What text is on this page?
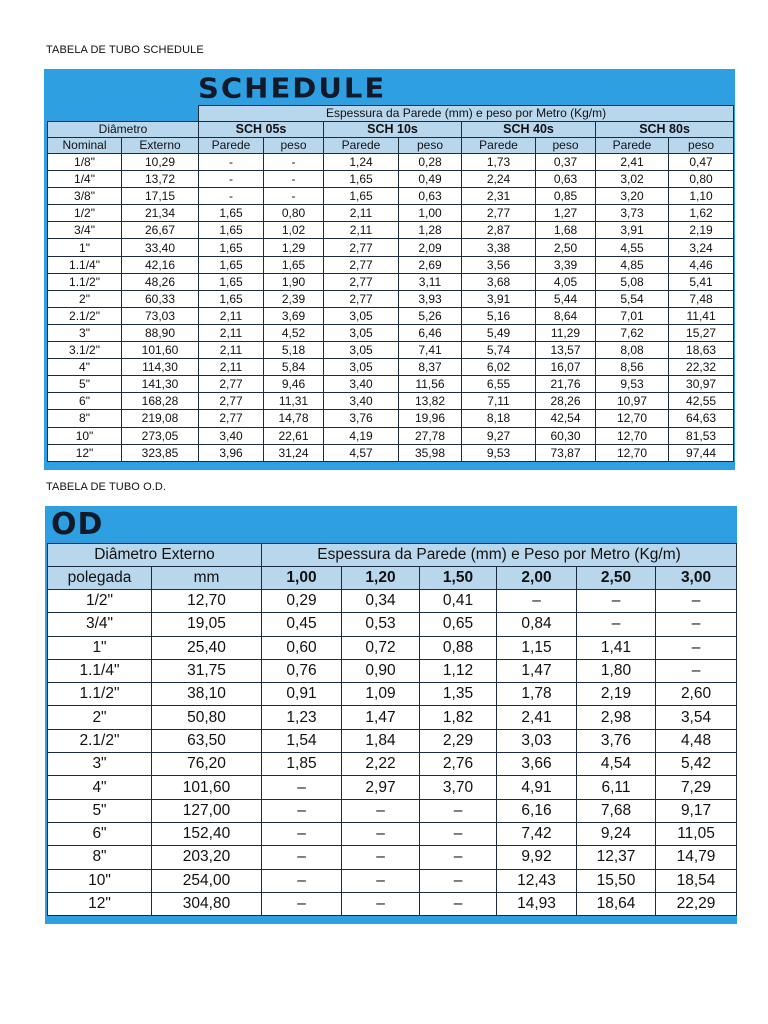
TABELA DE TUBO SCHEDULE
SCHEDULE
		Espessura da Parede (mm) e peso por Metro (Kg/m)							
Diâmetro		SCH 05s		SCH 10s		SCH 40s		SCH 80s	
Nominal	Externo	Parede	peso	Parede	peso	Parede	peso	Parede	peso
1/8"	10,29	-	-	1,24	0,28	1,73	0,37	2,41	0,47
1/4"	13,72	-	-	1,65	0,49	2,24	0,63	3,02	0,80
3/8"	17,15	-	-	1,65	0,63	2,31	0,85	3,20	1,10
1/2"	21,34	1,65	0,80	2,11	1,00	2,77	1,27	3,73	1,62
3/4"	26,67	1,65	1,02	2,11	1,28	2,87	1,68	3,91	2,19
1"	33,40	1,65	1,29	2,77	2,09	3,38	2,50	4,55	3,24
1.1/4"	42,16	1,65	1,65	2,77	2,69	3,56	3,39	4,85	4,46
1.1/2"	48,26	1,65	1,90	2,77	3,11	3,68	4,05	5,08	5,41
2"	60,33	1,65	2,39	2,77	3,93	3,91	5,44	5,54	7,48
2.1/2"	73,03	2,11	3,69	3,05	5,26	5,16	8,64	7,01	11,41
3"	88,90	2,11	4,52	3,05	6,46	5,49	11,29	7,62	15,27
3.1/2"	101,60	2,11	5,18	3,05	7,41	5,74	13,57	8,08	18,63
4"	114,30	2,11	5,84	3,05	8,37	6,02	16,07	8,56	22,32
5"	141,30	2,77	9,46	3,40	11,56	6,55	21,76	9,53	30,97
6"	168,28	2,77	11,31	3,40	13,82	7,11	28,26	10,97	42,55
8"	219,08	2,77	14,78	3,76	19,96	8,18	42,54	12,70	64,63
10"	273,05	3,40	22,61	4,19	27,78	9,27	60,30	12,70	81,53
12"	323,85	3,96	31,24	4,57	35,98	9,53	73,87	12,70	97,44
TABELA DE TUBO O.D.
OD
Diâmetro Externo		Espessura da Parede (mm) e Peso por Metro (Kg/m)					
polegada	mm	1,00	1,20	1,50	2,00	2,50	3,00
1/2"	12,70	0,29	0,34	0,41	–	–	–
3/4"	19,05	0,45	0,53	0,65	0,84	–	–
1"	25,40	0,60	0,72	0,88	1,15	1,41	–
1.1/4"	31,75	0,76	0,90	1,12	1,47	1,80	–
1.1/2"	38,10	0,91	1,09	1,35	1,78	2,19	2,60
2"	50,80	1,23	1,47	1,82	2,41	2,98	3,54
2.1/2"	63,50	1,54	1,84	2,29	3,03	3,76	4,48
3"	76,20	1,85	2,22	2,76	3,66	4,54	5,42
4"	101,60	–	2,97	3,70	4,91	6,11	7,29
5"	127,00	–	–	–	6,16	7,68	9,17
6"	152,40	–	–	–	7,42	9,24	11,05
8"	203,20	–	–	–	9,92	12,37	14,79
10"	254,00	–	–	–	12,43	15,50	18,54
12"	304,80	–	–	–	14,93	18,64	22,29
